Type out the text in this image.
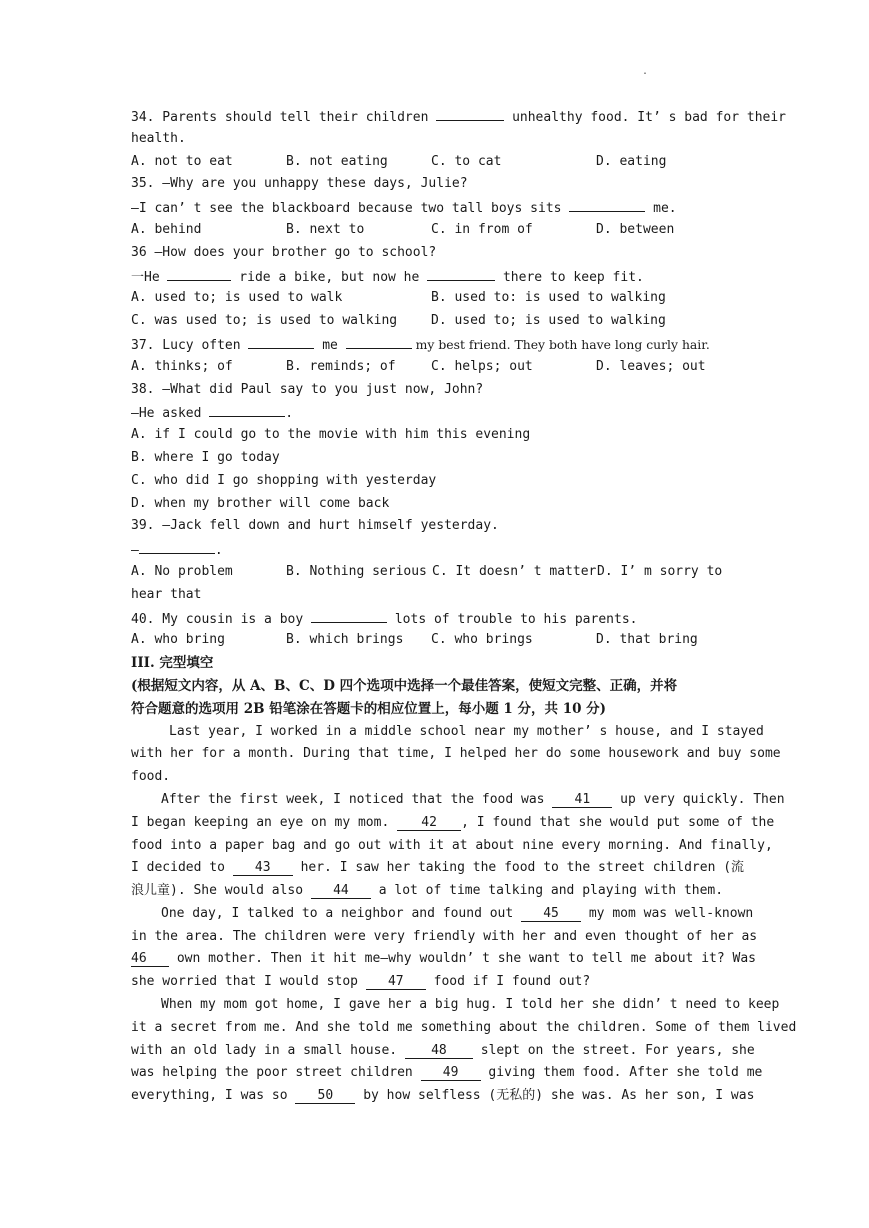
.
34. Parents should tell their children	unhealthy food. It’ s bad for their
health.
A. not to eat	B. not eating	C. to cat	D. eating
35. —Why are you unhappy these days, Julie?
—I can’ t see the blackboard because two tall boys sits	me.
A. behind	B. next to	C. in from of	D. between
36 —How does your brother go to school?
一He	ride a bike, but now he	there to keep fit.
A. used to; is used to walk	B. used to: is used to walking
C. was used to; is used to walking	D. used to; is used to walking
37. Lucy often	me	my best friend. They both have long curly hair.
A. thinks; of	B. reminds; of	C. helps; out	D. leaves; out
38. —What did Paul say to you just now, John?
—He asked	.
A. if I could go to the movie with him this evening
B. where I go today
C. who did I go shopping with yesterday
D. when my brother will come back
39. —Jack fell down and hurt himself yesterday.
—	.
A. No problem	B. Nothing serious C. It doesn’ t matter D. I’ m sorry to
hear that
40. My cousin is a boy	lots of trouble to his parents.
A. who bring	B. which brings	C. who brings	D. that bring
III. 完型填空
(根据短文内容，从 A、B、C、D 四个选项中选择一个最佳答案，使短文完整、正确，并将
符合题意的选项用 2B 铅笔涂在答题卡的相应位置上，每小题 1 分，共 10 分)
Last year, I worked in a middle school near my mother’ s house, and I stayed
with her for a month. During that time, I helped her do some housework and buy some
food.
After the first week, I noticed that the food was 41 up very quickly. Then
I began keeping an eye on my mom. 42 , I found that she would put some of the
food into a paper bag and go out with it at about nine every morning. And finally,
I decided to 43 her. I saw her taking the food to the street children (流
浪儿童). She would also 44 a lot of time talking and playing with them.
One day, I talked to a neighbor and found out 45 my mom was well-known
in the area. The children were very friendly with her and even thought of her as
46 own mother. Then it hit me—why wouldn’ t she want to tell me about it? Was
she worried that I would stop 47 food if I found out?
When my mom got home, I gave her a big hug. I told her she didn’ t need to keep
it a secret from me. And she told me something about the children. Some of them lived
with an old lady in a small house. 48 slept on the street. For years, she
was helping the poor street children 49 giving them food. After she told me
everything, I was so 50 by how selfless (无私的) she was. As her son, I was
